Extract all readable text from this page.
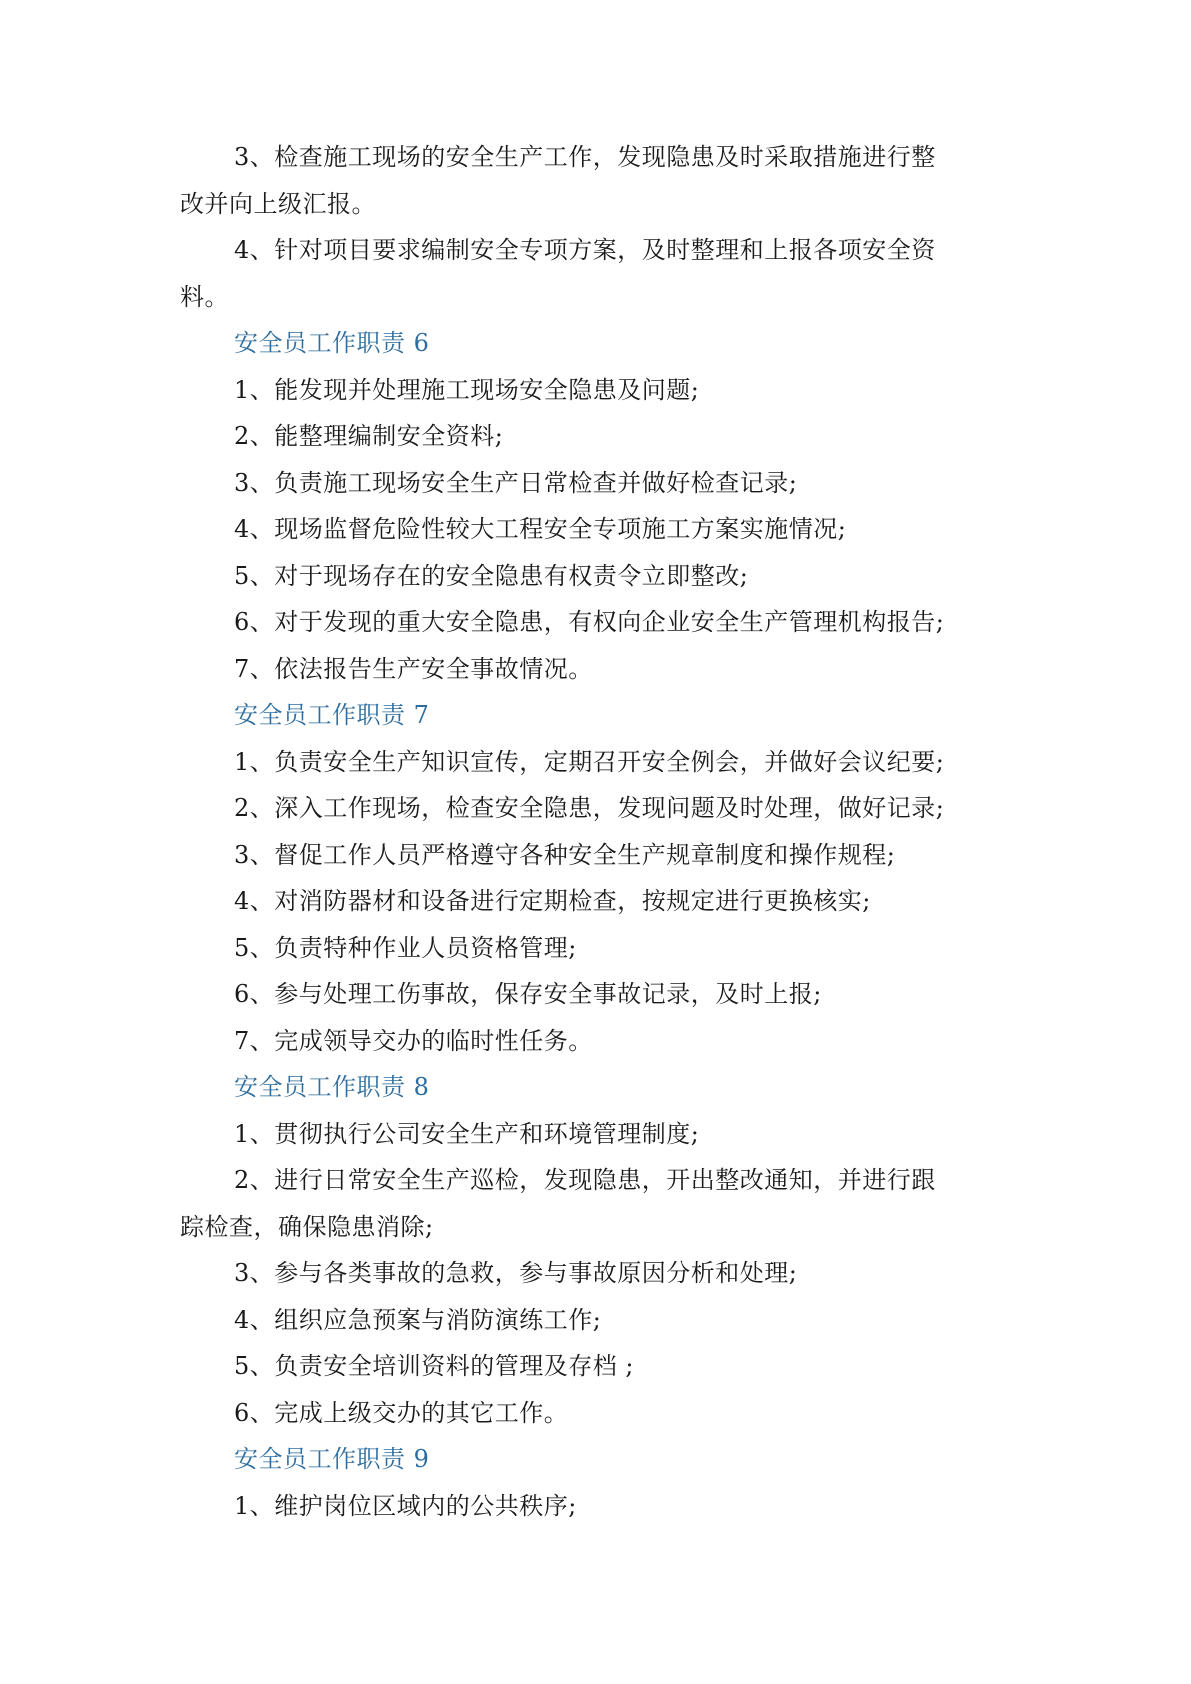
3、检查施工现场的安全生产工作，发现隐患及时采取措施进行整
改并向上级汇报。
4、针对项目要求编制安全专项方案，及时整理和上报各项安全资
料。
安全员工作职责 6
1、能发现并处理施工现场安全隐患及问题;
2、能整理编制安全资料;
3、负责施工现场安全生产日常检查并做好检查记录;
4、现场监督危险性较大工程安全专项施工方案实施情况;
5、对于现场存在的安全隐患有权责令立即整改;
6、对于发现的重大安全隐患，有权向企业安全生产管理机构报告;
7、依法报告生产安全事故情况。
安全员工作职责 7
1、负责安全生产知识宣传，定期召开安全例会，并做好会议纪要;
2、深入工作现场，检查安全隐患，发现问题及时处理，做好记录;
3、督促工作人员严格遵守各种安全生产规章制度和操作规程;
4、对消防器材和设备进行定期检查，按规定进行更换核实;
5、负责特种作业人员资格管理;
6、参与处理工伤事故，保存安全事故记录，及时上报;
7、完成领导交办的临时性任务。
安全员工作职责 8
1、贯彻执行公司安全生产和环境管理制度;
2、进行日常安全生产巡检，发现隐患，开出整改通知，并进行跟
踪检查，确保隐患消除;
3、参与各类事故的急救，参与事故原因分析和处理;
4、组织应急预案与消防演练工作;
5、负责安全培训资料的管理及存档 ;
6、完成上级交办的其它工作。
安全员工作职责 9
1、维护岗位区域内的公共秩序;
